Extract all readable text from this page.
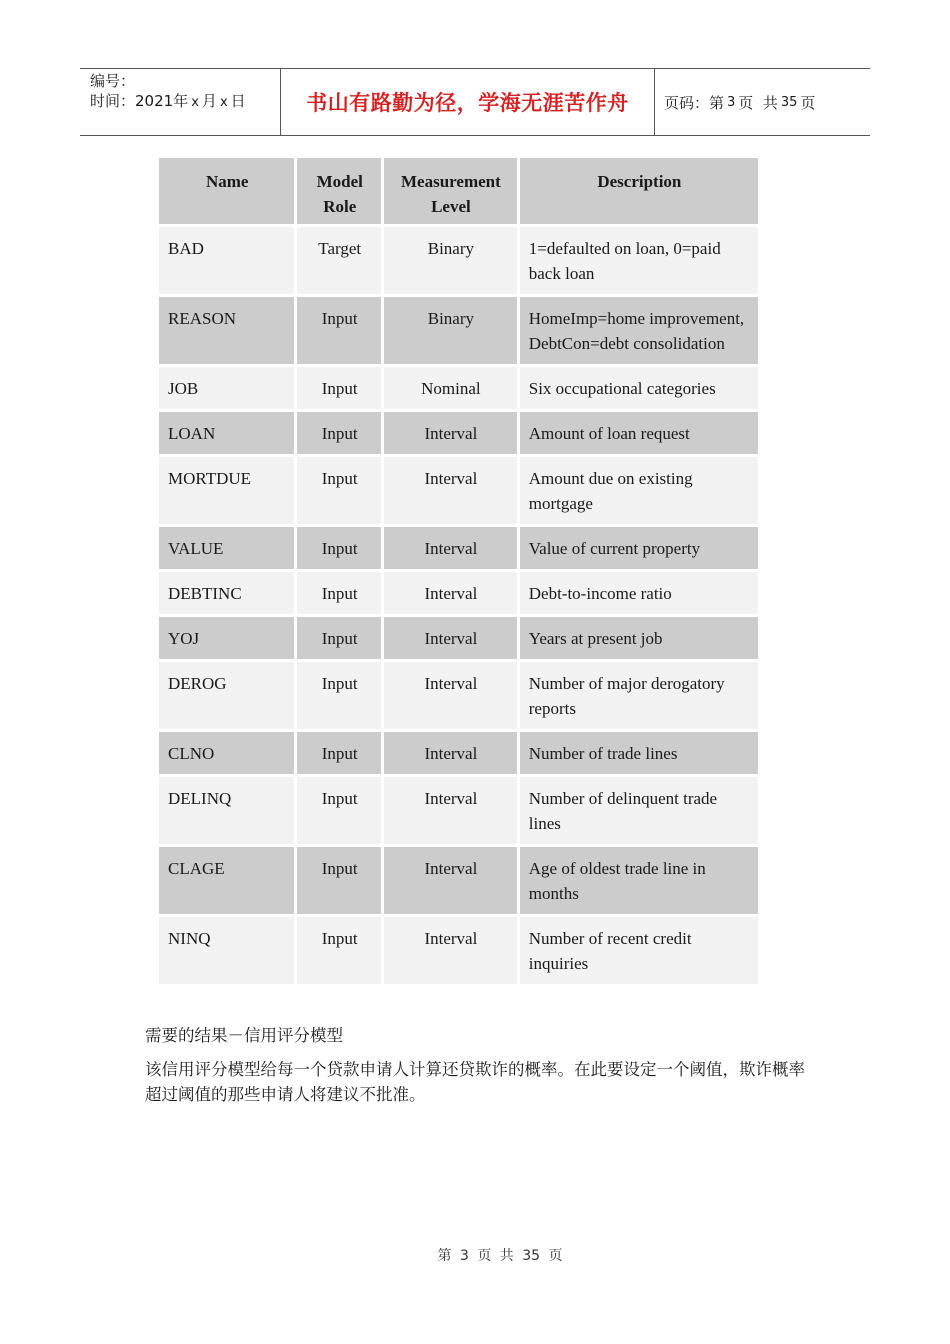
编号：
时间：2021年 x 月 x 日	书山有路勤为径，学海无涯苦作舟 页码：第 3 页
共 35 页
Name	Model Role	Measurement Level	Description
BAD	Target	Binary	1=defaulted on loan, 0=paid back loan
REASON	Input	Binary	HomeImp=home improvement, DebtCon=debt consolidation
JOB	Input	Nominal	Six occupational categories
LOAN	Input	Interval	Amount of loan request
MORTDUE	Input	Interval	Amount due on existing mortgage
VALUE	Input	Interval	Value of current property
DEBTINC	Input	Interval	Debt-to-income ratio
YOJ	Input	Interval	Years at present job
DEROG	Input	Interval	Number of major derogatory reports
CLNO	Input	Interval	Number of trade lines
DELINQ	Input	Interval	Number of delinquent trade lines
CLAGE	Input	Interval	Age of oldest trade line in months
NINQ	Input	Interval	Number of recent credit inquiries
需要的结果－信用评分模型
该信用评分模型给每一个贷款申请人计算还贷欺诈的概率。在此要设定一个阈值，欺诈概率超过阈值的那些申请人将建议不批准。
第 3 页 共 35 页
